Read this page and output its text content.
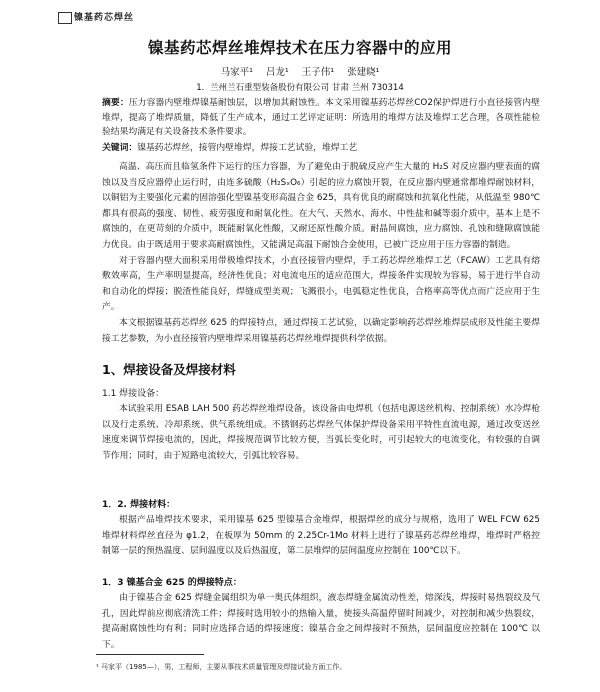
镍基药芯焊丝
镍基药芯焊丝堆焊技术在压力容器中的应用
马家平¹ 吕龙¹ 王子伟¹ 张建晓¹
1．兰州兰石重型装备股份有限公司 甘肃 兰州 730314
摘要：压力容器内壁堆焊镍基耐蚀层，以增加其耐蚀性。本文采用镍基药芯焊丝CO2保护焊进行小直径接管内壁堆焊，提高了堆焊质量，降低了生产成本，通过工艺评定证明：所选用的堆焊方法及堆焊工艺合理，各项性能检验结果均满足有关设备技术条件要求。
关键词：镍基药芯焊丝，接管内壁堆焊，焊接工艺试验，堆焊工艺

高温、高压而且临氢条件下运行的压力容器，为了避免由于脱硫反应产生大量的 H₂S 对反应器内壁表面的腐蚀以及当反应器停止运行时，由连多硫酸（H₂SₓO₆）引起的应力腐蚀开裂，在反应器内壁通常都堆焊耐蚀材料，以铜铝为主要强化元素的固溶强化型镍基变形高温合金 625，具有优良的耐腐蚀和抗氧化性能，从低温至 980℃都具有很高的强度、韧性、疲劳强度和耐氧化性。在大气、天然水、海水、中性盐和碱等弱介质中，基本上是不腐蚀的，在更苛刻的介质中，既能耐氧化性酸，又耐还原性酸介质。耐晶间腐蚀，应力腐蚀、孔蚀和缝隙腐蚀能力优良。由于既适用于要求高耐腐蚀性，又能满足高温下耐蚀合金使用，已被广泛应用于压力容器的制造。

对于容器内壁大面积采用带极堆焊技术，小直径接管内壁焊，手工药芯焊丝堆焊工艺（FCAW）工艺具有熔敷效率高，生产率明显提高，经济性优良；对电流电压的适应范围大，焊接条件实现较为容易，易于进行半自动和自动化的焊接；脱渣性能良好，焊缝成型美观；飞溅很小，电弧稳定性优良，合格率高等优点而广泛应用于生产。

本文根据镍基药芯焊丝 625 的焊接特点，通过焊接工艺试验，以确定影响药芯焊丝堆焊层成形及性能主要焊接工艺参数，为小直径接管内壁堆焊采用镍基药芯焊丝堆焊提供科学依据。

1、焊接设备及焊接材料
1.1 焊接设备：

本试验采用 ESAB LAH 500 药芯焊丝堆焊设备，该设备由电焊机（包括电源送丝机构、控制系统）水冷焊枪以及行走系统、冷却系统、供气系统组成。不锈钢药芯焊丝气体保护焊设备采用平特性直流电源，通过改变送丝速度来调节焊接电流的，因此，焊接规范调节比较方便，当弧长变化时，可引起较大的电流变化，有较强的自调节作用；同时，由于短路电流较大，引弧比较容易。

1．2. 焊接材料：

根据产品堆焊技术要求，采用镍基 625 型镍基合金堆焊，根据焊丝的成分与规格，选用了 WEL FCW 625 堆焊材料焊丝直径为 φ1.2，在板厚为 50mm 的 2.25Cr-1Mo 材料上进行了镍基药芯焊丝堆焊，堆焊时严格控制第一层的预热温度、层间温度以及后热温度，第二层堆焊的层间温度应控制在 100℃以下。

1．3 镍基合金 625 的焊接特点：

由于镍基合金 625 焊缝金属组织为单一奥氏体组织，液态焊缝金属流动性差，熔深浅，焊接时易热裂纹及气孔，因此焊前应彻底清洗工件；焊接时选用较小的热输入量，使接头高温停留时间减少，对控制和减少热裂纹，提高耐腐蚀性均有利；同时应选择合适的焊接速度；镍基合金之间焊接时不预热，层间温度应控制在 100℃ 以下。

¹ 马家平（1985—），男，工程师，主要从事技术质量管理及焊接试验方面工作。
